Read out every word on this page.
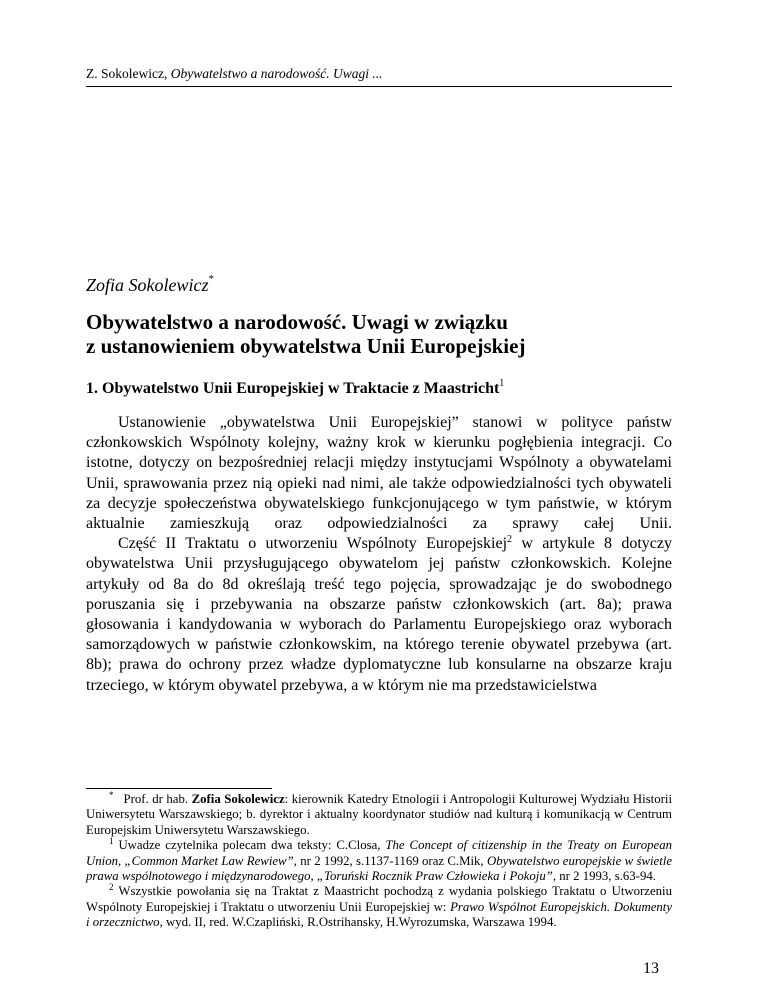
Z. Sokolewicz, Obywatelstwo a narodowość. Uwagi ...
Zofia Sokolewicz*
Obywatelstwo a narodowość. Uwagi w związku
z ustanowieniem obywatelstwa Unii Europejskiej
1. Obywatelstwo Unii Europejskiej w Traktacie z Maastricht$^1$

Ustanowienie „obywatelstwa Unii Europejskiej” stanowi w polityce państw członkowskich Wspólnoty kolejny, ważny krok w kierunku pogłębienia integracji. Co istotne, dotyczy on bezpośredniej relacji między instytucjami Wspólnoty a obywatelami Unii, sprawowania przez nią opieki nad nimi, ale także odpowiedzialności tych obywateli za decyzje społeczeństwa obywatelskiego funkcjonującego w tym państwie, w którym aktualnie zamieszkują oraz odpowiedzialności za sprawy całej Unii.

Część II Traktatu o utworzeniu Wspólnoty Europejskiej$^2$ w artykule 8 dotyczy obywatelstwa Unii przysługującego obywatelom jej państw członkowskich. Kolejne artykuły od 8a do 8d określają treść tego pojęcia, sprowadzając je do swobodnego poruszania się i przebywania na obszarze państw członkowskich (art. 8a); prawa głosowania i kandydowania w wyborach do Parlamentu Europejskiego oraz wyborach samorządowych w państwie członkowskim, na którego terenie obywatel przebywa (art. 8b); prawa do ochrony przez władze dyplomatyczne lub konsularne na obszarze kraju trzeciego, w którym obywatel przebywa, a w którym nie ma przedstawicielstwa

* Prof. dr hab. Zofia Sokolewicz: kierownik Katedry Etnologii i Antropologii Kulturowej Wydziału Historii Uniwersytetu Warszawskiego; b. dyrektor i aktualny koordynator studiów nad kulturą i komunikacją w Centrum Europejskim Uniwersytetu Warszawskiego.

$^1$ Uwadze czytelnika polecam dwa teksty: C.Closa, The Concept of citizenship in the Treaty on European Union, „Common Market Law Rewiew”, nr 2 1992, s.1137-1169 oraz C.Mik, Obywatelstwo europejskie w świetle prawa wspólnotowego i międzynarodowego, „Toruński Rocznik Praw Człowieka i Pokoju”, nr 2 1993, s.63-94.

$^2$ Wszystkie powołania się na Traktat z Maastricht pochodzą z wydania polskiego Traktatu o Utworzeniu Wspólnoty Europejskiej i Traktatu o utworzeniu Unii Europejskiej w: Prawo Wspólnot Europejskich. Dokumenty i orzecznictwo, wyd. II, red. W.Czapliński, R.Ostrihansky, H.Wyrozumska, Warszawa 1994.

13
